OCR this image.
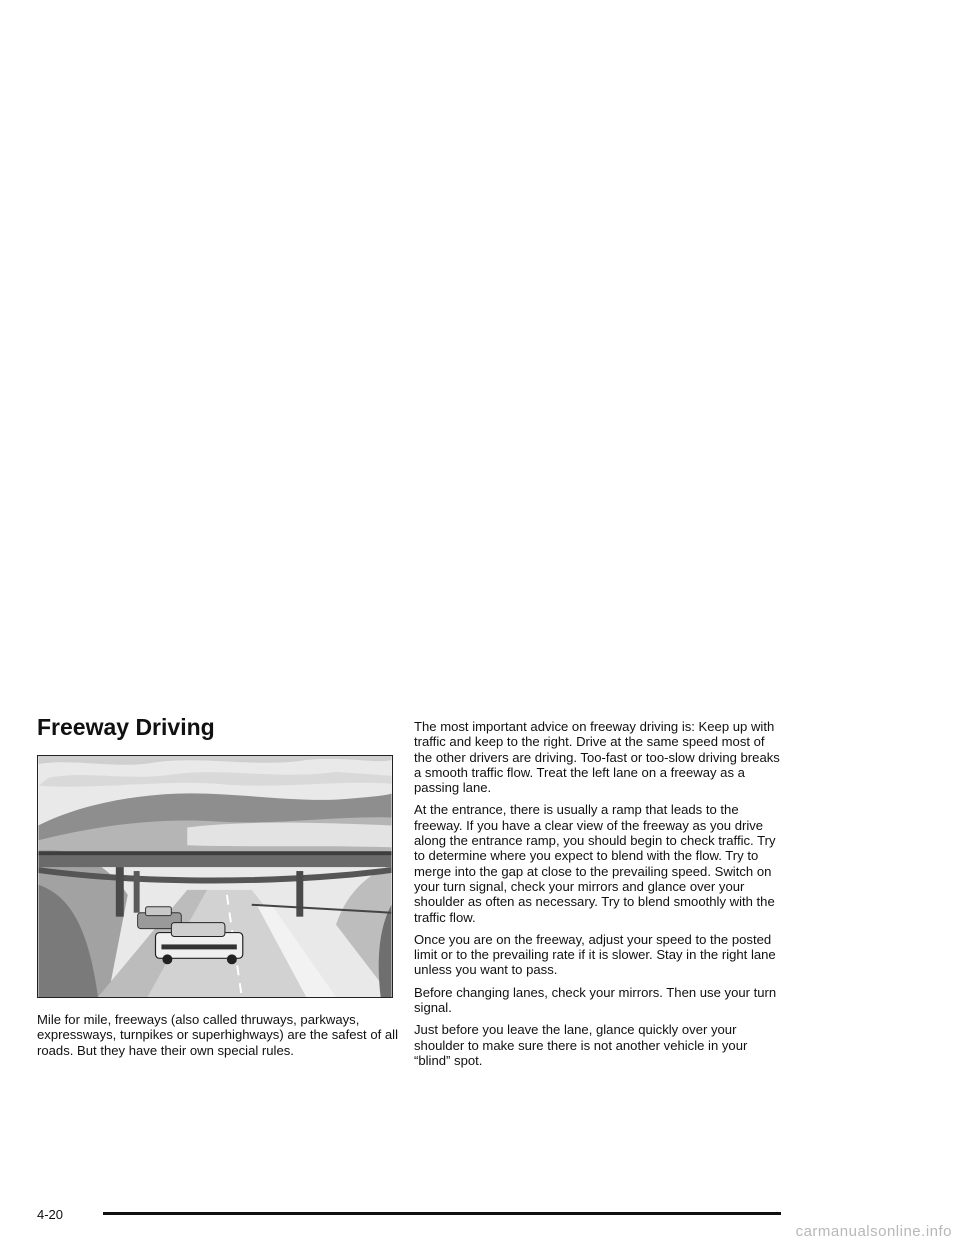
Freeway Driving

Mile for mile, freeways (also called thruways, parkways, expressways, turnpikes or superhighways) are the safest of all roads. But they have their own special rules.

The most important advice on freeway driving is: Keep up with traffic and keep to the right. Drive at the same speed most of the other drivers are driving. Too-fast or too-slow driving breaks a smooth traffic flow. Treat the left lane on a freeway as a passing lane.

At the entrance, there is usually a ramp that leads to the freeway. If you have a clear view of the freeway as you drive along the entrance ramp, you should begin to check traffic. Try to determine where you expect to blend with the flow. Try to merge into the gap at close to the prevailing speed. Switch on your turn signal, check your mirrors and glance over your shoulder as often as necessary. Try to blend smoothly with the traffic flow.

Once you are on the freeway, adjust your speed to the posted limit or to the prevailing rate if it is slower. Stay in the right lane unless you want to pass.

Before changing lanes, check your mirrors. Then use your turn signal.

Just before you leave the lane, glance quickly over your shoulder to make sure there is not another vehicle in your “blind” spot.

4-20
carmanualsonline.info
